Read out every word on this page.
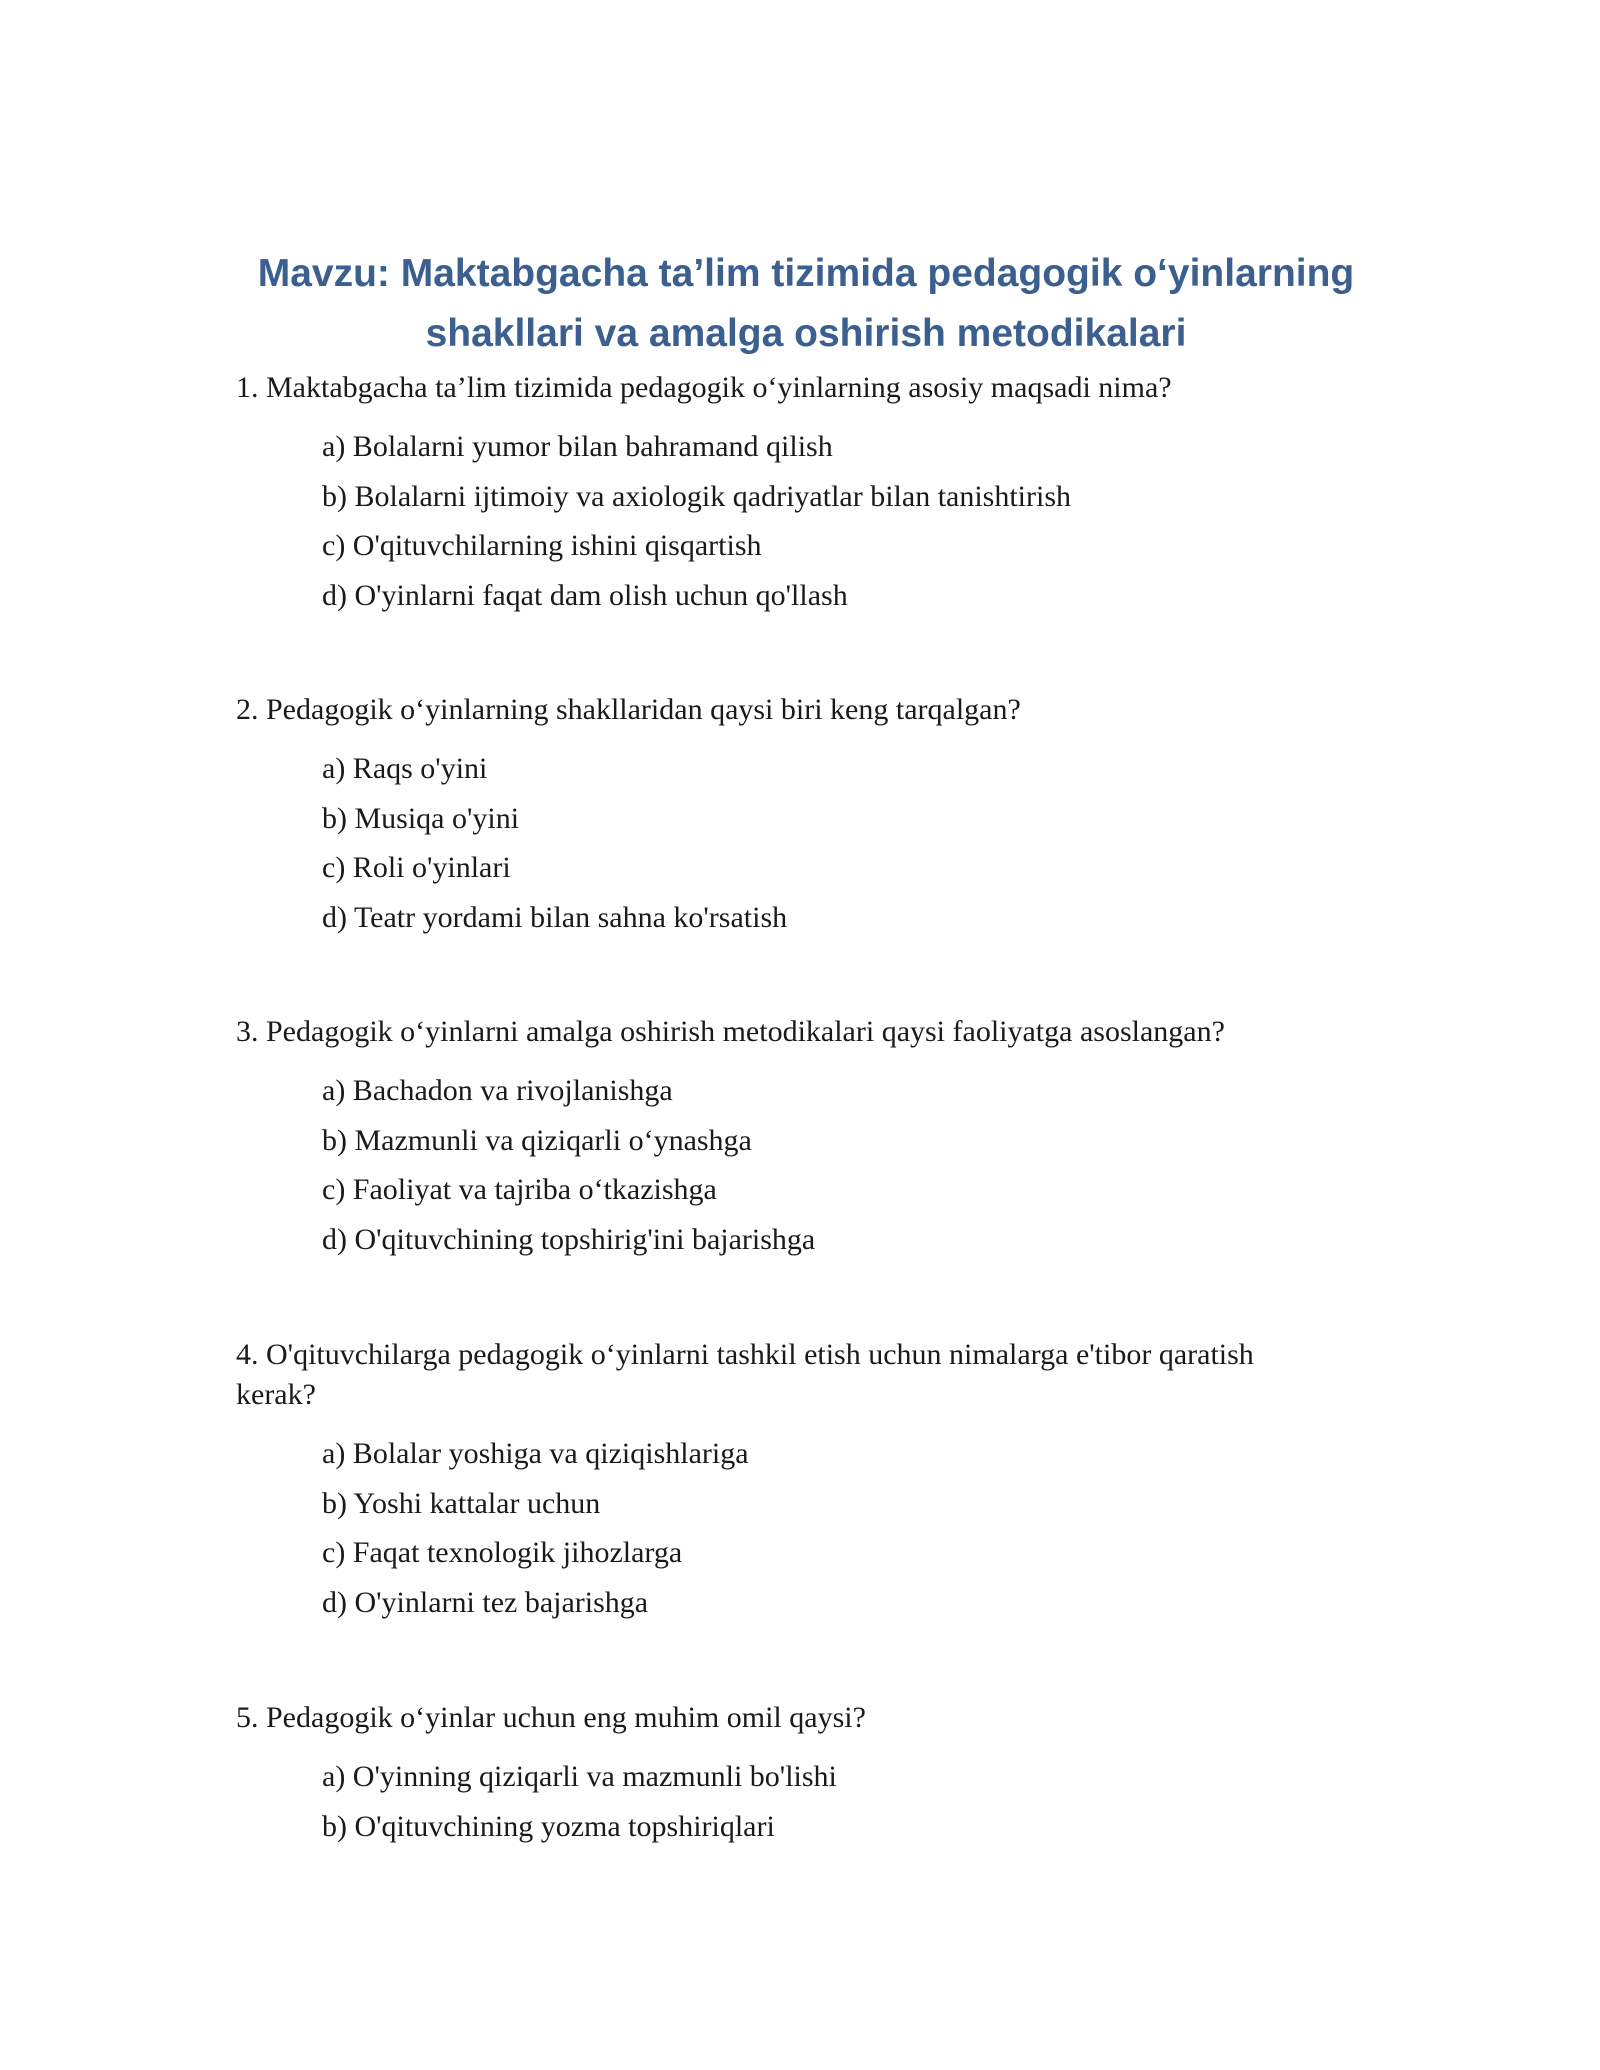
Mavzu: Maktabgacha ta’lim tizimida pedagogik o‘yinlarning
shakllari va amalga oshirish metodikalari

1. Maktabgacha ta’lim tizimida pedagogik o‘yinlarning asosiy maqsadi nima?

a) Bolalarni yumor bilan bahramand qilish
b) Bolalarni ijtimoiy va axiologik qadriyatlar bilan tanishtirish
c) O'qituvchilarning ishini qisqartish
d) O'yinlarni faqat dam olish uchun qo'llash

2. Pedagogik o‘yinlarning shakllaridan qaysi biri keng tarqalgan?

a) Raqs o'yini
b) Musiqa o'yini
c) Roli o'yinlari
d) Teatr yordami bilan sahna ko'rsatish

3. Pedagogik o‘yinlarni amalga oshirish metodikalari qaysi faoliyatga asoslangan?

a) Bachadon va rivojlanishga
b) Mazmunli va qiziqarli o‘ynashga
c) Faoliyat va tajriba o‘tkazishga
d) O'qituvchining topshirig'ini bajarishga

4. O'qituvchilarga pedagogik o‘yinlarni tashkil etish uchun nimalarga e'tibor qaratish kerak?

a) Bolalar yoshiga va qiziqishlariga
b) Yoshi kattalar uchun
c) Faqat texnologik jihozlarga
d) O'yinlarni tez bajarishga

5. Pedagogik o‘yinlar uchun eng muhim omil qaysi?

a) O'yinning qiziqarli va mazmunli bo'lishi
b) O'qituvchining yozma topshiriqlari
